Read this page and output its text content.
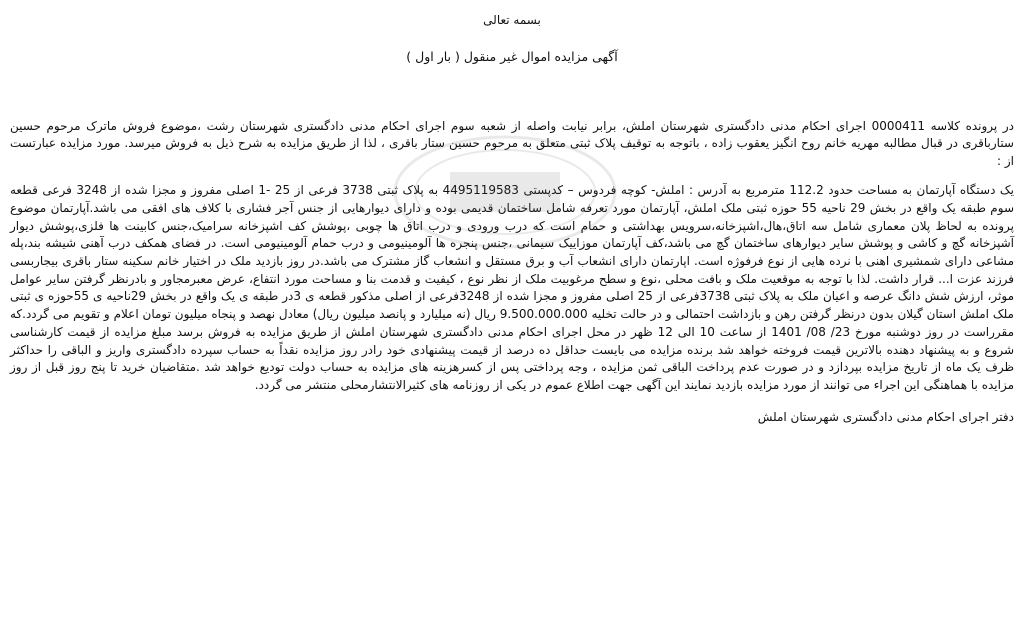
بسمه تعالی

آگهی مزایده اموال غیر منقول ( بار اول )

در پرونده کلاسه 0000411 اجرای احکام مدنی دادگستری شهرستان املش، برابر نیابت واصله از شعبه سوم اجرای احکام مدنی دادگستری شهرستان رشت ،موضوع فروش ماترک مرحوم حسین ستارباقری در قبال مطالبه مهریه خانم روح انگیز یعقوب زاده ، باتوجه به توقیف پلاک ثبتی متعلق به مرحوم حسین ستار باقری ، لذا از طریق مزایده به شرح ذیل به فروش میرسد. مورد مزایده عبارتست از :

یک دستگاه آپارتمان به مساحت حدود 112.2 مترمربع به آدرس : املش- کوچه فردوس – کدپستی 4495119583 به پلاک ثبتی 3738 فرعی از 25 -1 اصلی مفروز و مجزا شده از 3248 فرعی قطعه سوم طبقه یک واقع در بخش 29 ناحیه 55 حوزه ثبتی ملک املش، آپارتمان مورد تعرفه شامل ساختمان قدیمی بوده و دارای دیوارهایی از جنس آجر فشاری با کلاف های افقی می باشد.آپارتمان موضوع پرونده به لحاظ پلان معماری شامل سه اتاق،هال،اشپزخانه،سرویس بهداشتی و حمام است که درب ورودی و درب اتاق ها چوبی ،پوشش کف اشپزخانه سرامیک،جنس کابینت ها فلزی،پوشش دیوار آشپزخانه گچ و کاشی و پوشش سایر دیوارهای ساختمان گچ می باشد،کف آپارتمان موزاییک سیمانی ،جنس پنجره ها آلومینیومی و درب حمام آلومینیومی است. در فضای همکف درب آهنی شیشه بند،پله مشاعی دارای شمشیری اهنی با نرده هایی از نوع فرفوژه است. اپارتمان دارای انشعاب آب و برق مستقل و انشعاب گاز مشترک می باشد.در روز بازدید ملک در اختیار خانم سکینه ستار باقری بیجاربسی فرزند عزت ا... قرار داشت. لذا با توجه به موقعیت ملک و بافت محلی ،نوع و سطح مرغوبیت ملک از نظر نوع ، کیفیت و قدمت بنا و مساحت مورد انتفاع، عرض معبرمجاور و بادرنظر گرفتن سایر عوامل موثر، ارزش شش دانگ عرصه و اعیان ملک به پلاک ثبتی 3738فرعی از 25 اصلی مفروز و مجزا شده از 3248فرعی از اصلی مذکور قطعه ی 3در طبقه ی یک واقع در بخش 29ناحیه ی 55حوزه ی ثبتی ملک املش استان گیلان بدون درنظر گرفتن رهن و بازداشت احتمالی و در حالت تخلیه 9.500.000.000 ریال (نه میلیارد و پانصد میلیون ریال) معادل نهصد و پنجاه میلیون تومان اعلام و تقویم می گردد.که مقرراست در روز دوشنبه مورخ 23/ 08/ 1401 از ساعت 10 الی 12 ظهر در محل اجرای احکام مدنی دادگستری شهرستان املش از طریق مزایده به فروش برسد مبلغ مزایده از قیمت کارشناسی شروع و به پیشنهاد دهنده بالاترین قیمت فروخته خواهد شد برنده مزایده می بایست حداقل ده درصد از قیمت پیشنهادی خود رادر روز مزایده نقداً به حساب سپرده دادگستری واریز و الباقی را حداکثر ظرف یک ماه از تاریخ مزایده بپردازد و در صورت عدم پرداخت الباقی ثمن مزایده ، وجه پرداختی پس از کسرهزینه های مزایده به حساب دولت تودیع خواهد شد .متقاضیان خرید تا پنج روز قبل از روز مزایده با هماهنگی این اجراء می توانند از مورد مزایده بازدید نمایند این آگهی جهت اطلاع عموم در یکی از روزنامه های کثیرالانتشارمحلی منتشر می گردد.

دفتر اجرای احکام مدنی دادگستری شهرستان املش
